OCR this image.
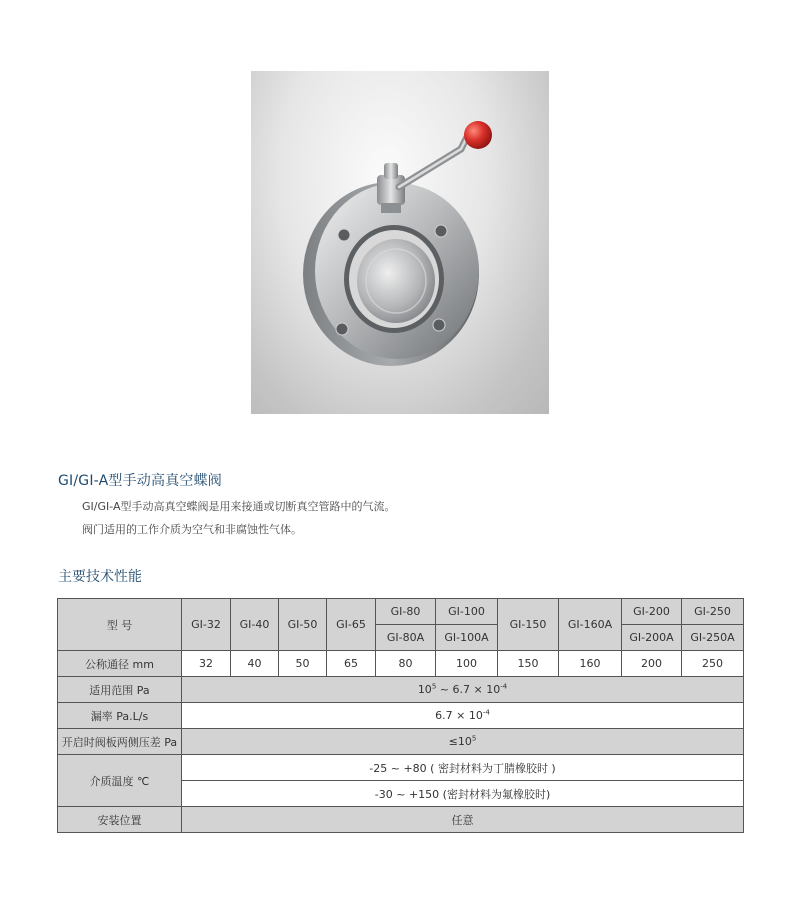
GI/GI-A型手动高真空蝶阀
GI/GI-A型手动高真空蝶阀是用来接通或切断真空管路中的气流。
阀门适用的工作介质为空气和非腐蚀性气体。
主要技术性能
型 号	GI-32	GI-40	GI-50	GI-65	GI-80	GI-100	GI-150	GI-160A	GI-200	GI-250
					GI-80A	GI-100A			GI-200A	GI-250A
公称通径 mm	32	40	50	65	80	100	150	160	200	250
适用范围 Pa	$10^5$ ~ $6.7 \times 10^{-4}$
漏率 Pa.L/s	$6.7 \times 10^{-4}$
开启时阀板两侧压差 Pa	$\le 10^5$
介质温度 ℃	-25 ~ +80 ( 密封材料为丁腈橡胶时 )									
	-30 ~ +150 (密封材料为氟橡胶时)									
安装位置	任意									
